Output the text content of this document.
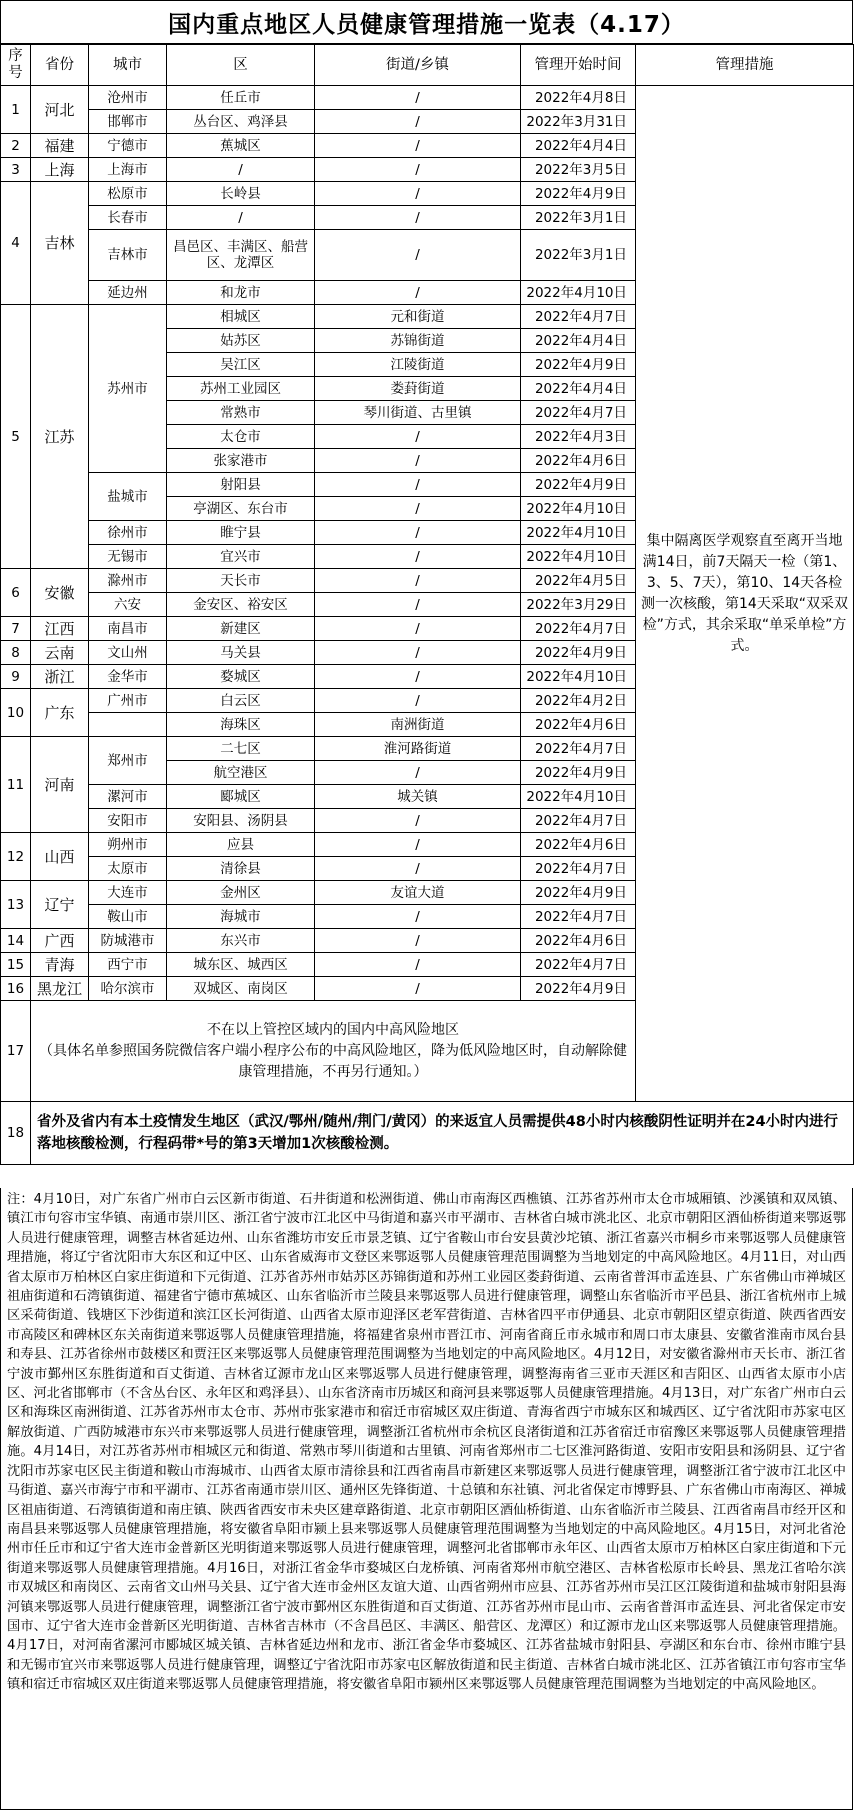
国内重点地区人员健康管理措施一览表（4.17）
序号	省份	城市	区	街道/乡镇	管理开始时间	管理措施
1	河北	沧州市	任丘市	/	2022年4月8日	集中隔离医学观察直至离开当地满14日，前7天隔天一检（第1、3、5、7天），第10、14天各检测一次核酸，第14天采取“双采双检”方式，其余采取“单采单检”方式。
		邯郸市	丛台区、鸡泽县	/	2022年3月31日	
2	福建	宁德市	蕉城区	/	2022年4月4日	
3	上海	上海市	/	/	2022年3月5日	
4	吉林	松原市	长岭县	/	2022年4月9日	
		长春市	/	/	2022年3月1日	
		吉林市	昌邑区、丰满区、船营区、龙潭区	/	2022年3月1日	
		延边州	和龙市	/	2022年4月10日	
5	江苏	苏州市	相城区	元和街道	2022年4月7日	
			姑苏区	苏锦街道	2022年4月4日	
			吴江区	江陵街道	2022年4月9日	
			苏州工业园区	娄葑街道	2022年4月4日	
			常熟市	琴川街道、古里镇	2022年4月7日	
			太仓市	/	2022年4月3日	
			张家港市	/	2022年4月6日	
		盐城市	射阳县	/	2022年4月9日	
			亭湖区、东台市	/	2022年4月10日	
		徐州市	睢宁县	/	2022年4月10日	
		无锡市	宜兴市	/	2022年4月10日	
6	安徽	滁州市	天长市	/	2022年4月5日	
		六安	金安区、裕安区	/	2022年3月29日	
7	江西	南昌市	新建区	/	2022年4月7日	
8	云南	文山州	马关县	/	2022年4月9日	
9	浙江	金华市	婺城区	/	2022年4月10日	
10	广东	广州市	白云区	/	2022年4月2日	
			海珠区	南洲街道	2022年4月6日	
11	河南	郑州市	二七区	淮河路街道	2022年4月7日	
			航空港区	/	2022年4月9日	
		漯河市	郾城区	城关镇	2022年4月10日	
		安阳市	安阳县、汤阴县	/	2022年4月7日	
12	山西	朔州市	应县	/	2022年4月6日	
		太原市	清徐县	/	2022年4月7日	
13	辽宁	大连市	金州区	友谊大道	2022年4月9日	
		鞍山市	海城市	/	2022年4月7日	
14	广西	防城港市	东兴市	/	2022年4月6日	
15	青海	西宁市	城东区、城西区	/	2022年4月7日	
16	黑龙江	哈尔滨市	双城区、南岗区	/	2022年4月9日	
17	不在以上管控区域内的国内中高风险地区
（具体名单参照国务院微信客户端小程序公布的中高风险地区，降为低风险地区时，自动解除健康管理措施，不再另行通知。）					

18	省外及省内有本土疫情发生地区（武汉/鄂州/随州/荆门/黄冈）的来返宜人员需提供48小时内核酸阴性证明并在24小时内进行落地核酸检测，行程码带*号的第3天增加1次核酸检测。					
注：4月10日，对广东省广州市白云区新市街道、石井街道和松洲街道、佛山市南海区西樵镇、江苏省苏州市太仓市城厢镇、沙溪镇和双凤镇、镇江市句容市宝华镇、南通市崇川区、浙江省宁波市江北区中马街道和嘉兴市平湖市、吉林省白城市洮北区、北京市朝阳区酒仙桥街道来鄂返鄂人员进行健康管理，调整吉林省延边州、山东省潍坊市安丘市景芝镇、辽宁省鞍山市台安县黄沙坨镇、浙江省嘉兴市桐乡市来鄂返鄂人员健康管理措施，将辽宁省沈阳市大东区和辽中区、山东省威海市文登区来鄂返鄂人员健康管理范围调整为当地划定的中高风险地区。4月11日，对山西省太原市万柏林区白家庄街道和下元街道、江苏省苏州市姑苏区苏锦街道和苏州工业园区娄葑街道、云南省普洱市孟连县、广东省佛山市禅城区祖庙街道和石湾镇街道、福建省宁德市蕉城区、山东省临沂市兰陵县来鄂返鄂人员进行健康管理，调整山东省临沂市平邑县、浙江省杭州市上城区采荷街道、钱塘区下沙街道和滨江区长河街道、山西省太原市迎泽区老军营街道、吉林省四平市伊通县、北京市朝阳区望京街道、陕西省西安市高陵区和碑林区东关南街道来鄂返鄂人员健康管理措施，将福建省泉州市晋江市、河南省商丘市永城市和周口市太康县、安徽省淮南市凤台县和寿县、江苏省徐州市鼓楼区和贾汪区来鄂返鄂人员健康管理范围调整为当地划定的中高风险地区。4月12日，对安徽省滁州市天长市、浙江省宁波市鄞州区东胜街道和百丈街道、吉林省辽源市龙山区来鄂返鄂人员进行健康管理，调整海南省三亚市天涯区和吉阳区、山西省太原市小店区、河北省邯郸市（不含丛台区、永年区和鸡泽县）、山东省济南市历城区和商河县来鄂返鄂人员健康管理措施。4月13日，对广东省广州市白云区和海珠区南洲街道、江苏省苏州市太仓市、苏州市张家港市和宿迁市宿城区双庄街道、青海省西宁市城东区和城西区、辽宁省沈阳市苏家屯区解放街道、广西防城港市东兴市来鄂返鄂人员进行健康管理，调整浙江省杭州市余杭区良渚街道和江苏省宿迁市宿豫区来鄂返鄂人员健康管理措施。4月14日，对江苏省苏州市相城区元和街道、常熟市琴川街道和古里镇、河南省郑州市二七区淮河路街道、安阳市安阳县和汤阴县、辽宁省沈阳市苏家屯区民主街道和鞍山市海城市、山西省太原市清徐县和江西省南昌市新建区来鄂返鄂人员进行健康管理，调整浙江省宁波市江北区中马街道、嘉兴市海宁市和平湖市、江苏省南通市崇川区、通州区先锋街道、十总镇和东社镇、河北省保定市博野县、广东省佛山市南海区、禅城区祖庙街道、石湾镇街道和南庄镇、陕西省西安市未央区建章路街道、北京市朝阳区酒仙桥街道、山东省临沂市兰陵县、江西省南昌市经开区和南昌县来鄂返鄂人员健康管理措施，将安徽省阜阳市颍上县来鄂返鄂人员健康管理范围调整为当地划定的中高风险地区。4月15日，对河北省沧州市任丘市和辽宁省大连市金普新区光明街道来鄂返鄂人员进行健康管理，调整河北省邯郸市永年区、山西省太原市万柏林区白家庄街道和下元街道来鄂返鄂人员健康管理措施。4月16日，对浙江省金华市婺城区白龙桥镇、河南省郑州市航空港区、吉林省松原市长岭县、黑龙江省哈尔滨市双城区和南岗区、云南省文山州马关县、辽宁省大连市金州区友谊大道、山西省朔州市应县、江苏省苏州市吴江区江陵街道和盐城市射阳县海河镇来鄂返鄂人员进行健康管理，调整浙江省宁波市鄞州区东胜街道和百丈街道、江苏省苏州市昆山市、云南省普洱市孟连县、河北省保定市安国市、辽宁省大连市金普新区光明街道、吉林省吉林市（不含昌邑区、丰满区、船营区、龙潭区）和辽源市龙山区来鄂返鄂人员健康管理措施。4月17日，对河南省漯河市郾城区城关镇、吉林省延边州和龙市、浙江省金华市婺城区、江苏省盐城市射阳县、亭湖区和东台市、徐州市睢宁县和无锡市宜兴市来鄂返鄂人员进行健康管理，调整辽宁省沈阳市苏家屯区解放街道和民主街道、吉林省白城市洮北区、江苏省镇江市句容市宝华镇和宿迁市宿城区双庄街道来鄂返鄂人员健康管理措施，将安徽省阜阳市颍州区来鄂返鄂人员健康管理范围调整为当地划定的中高风险地区。
